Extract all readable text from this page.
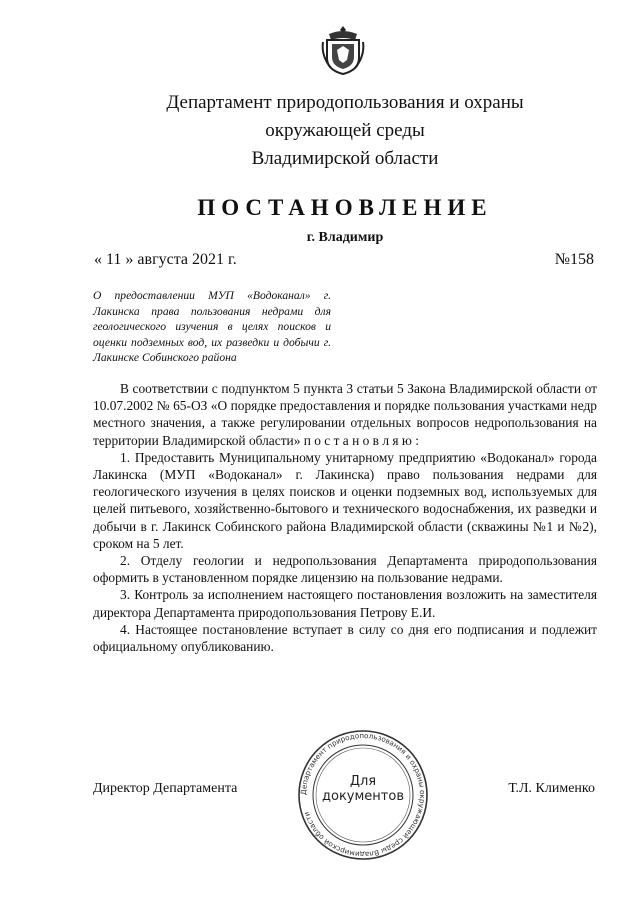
Департамент природопользования и охраны
окружающей среды
Владимирской области
ПОСТАНОВЛЕНИЕ
г. Владимир
« 11 » августа 2021 г.	№158
О предоставлении МУП «Водоканал» г. Лакинска права пользования недрами для геологического изучения в целях поисков и оценки подземных вод, их разведки и добычи г. Лакинске Собинского района

В соответствии с подпунктом 5 пункта 3 статьи 5 Закона Владимирской области от 10.07.2002 № 65-ОЗ «О порядке предоставления и порядке пользования участками недр местного значения, а также регулировании отдельных вопросов недропользования на территории Владимирской области» п о с т а н о в л я ю :

1. Предоставить Муниципальному унитарному предприятию «Водоканал» города Лакинска (МУП «Водоканал» г. Лакинска) право пользования недрами для геологического изучения в целях поисков и оценки подземных вод, используемых для целей питьевого, хозяйственно-бытового и технического водоснабжения, их разведки и добычи в г. Лакинск Собинского района Владимирской области (скважины №1 и №2), сроком на 5 лет.

2. Отделу геологии и недропользования Департамента природопользования оформить в установленном порядке лицензию на пользование недрами.

3. Контроль за исполнением настоящего постановления возложить на заместителя директора Департамента природопользования Петрову Е.И.

4. Настоящее постановление вступает в силу со дня его подписания и подлежит официальному опубликованию.

Директор Департамента	Т.Л. Клименко
Департамент природопользования и охраны окружающей среды Владимирской области
Для
документов
